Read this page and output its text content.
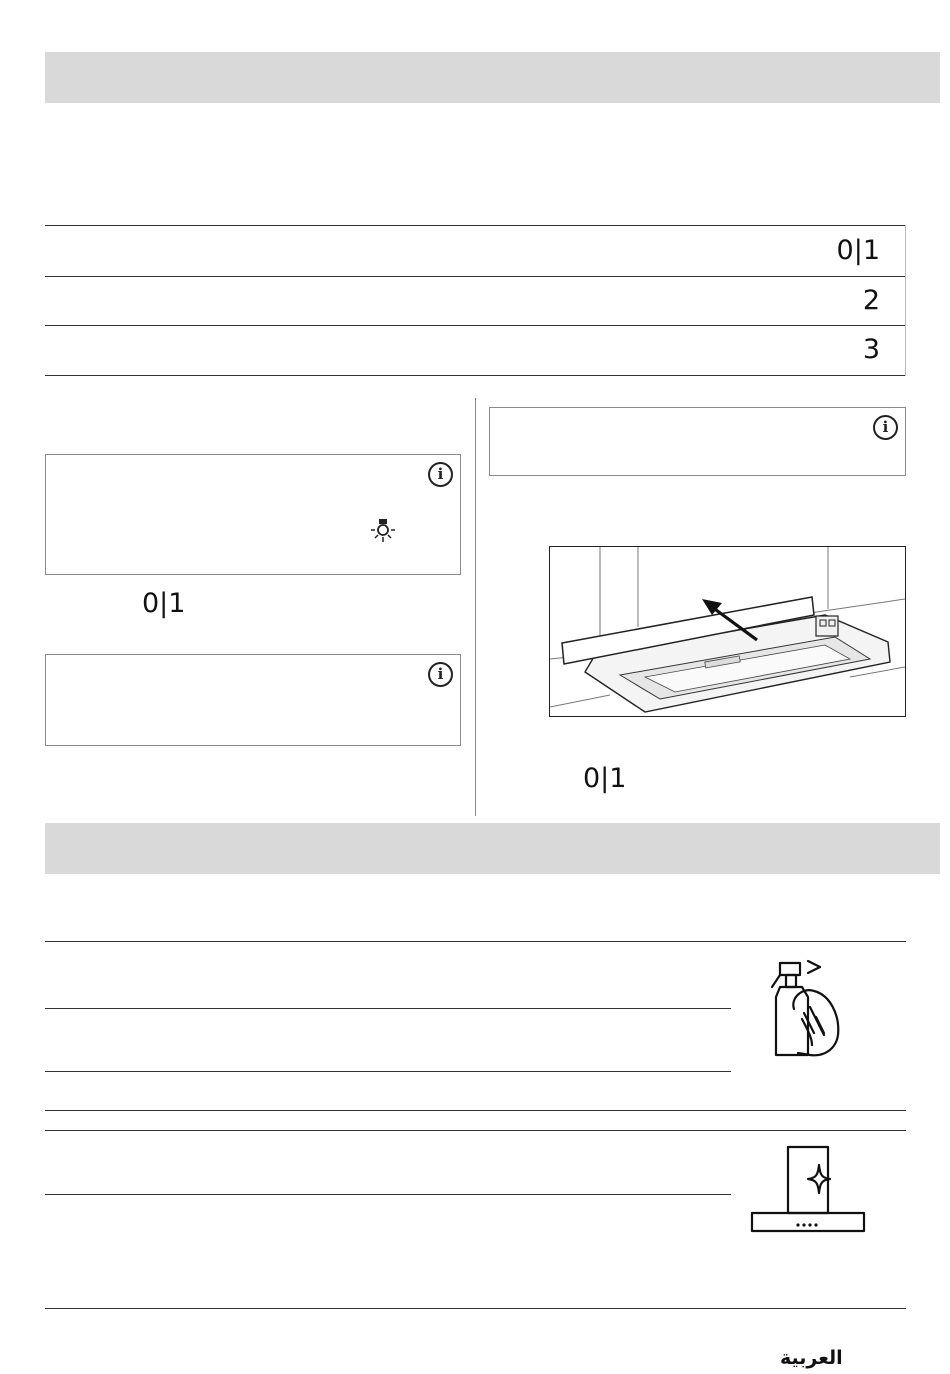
0|1
2
3
i
0|1
i
i
0|1
العربية
